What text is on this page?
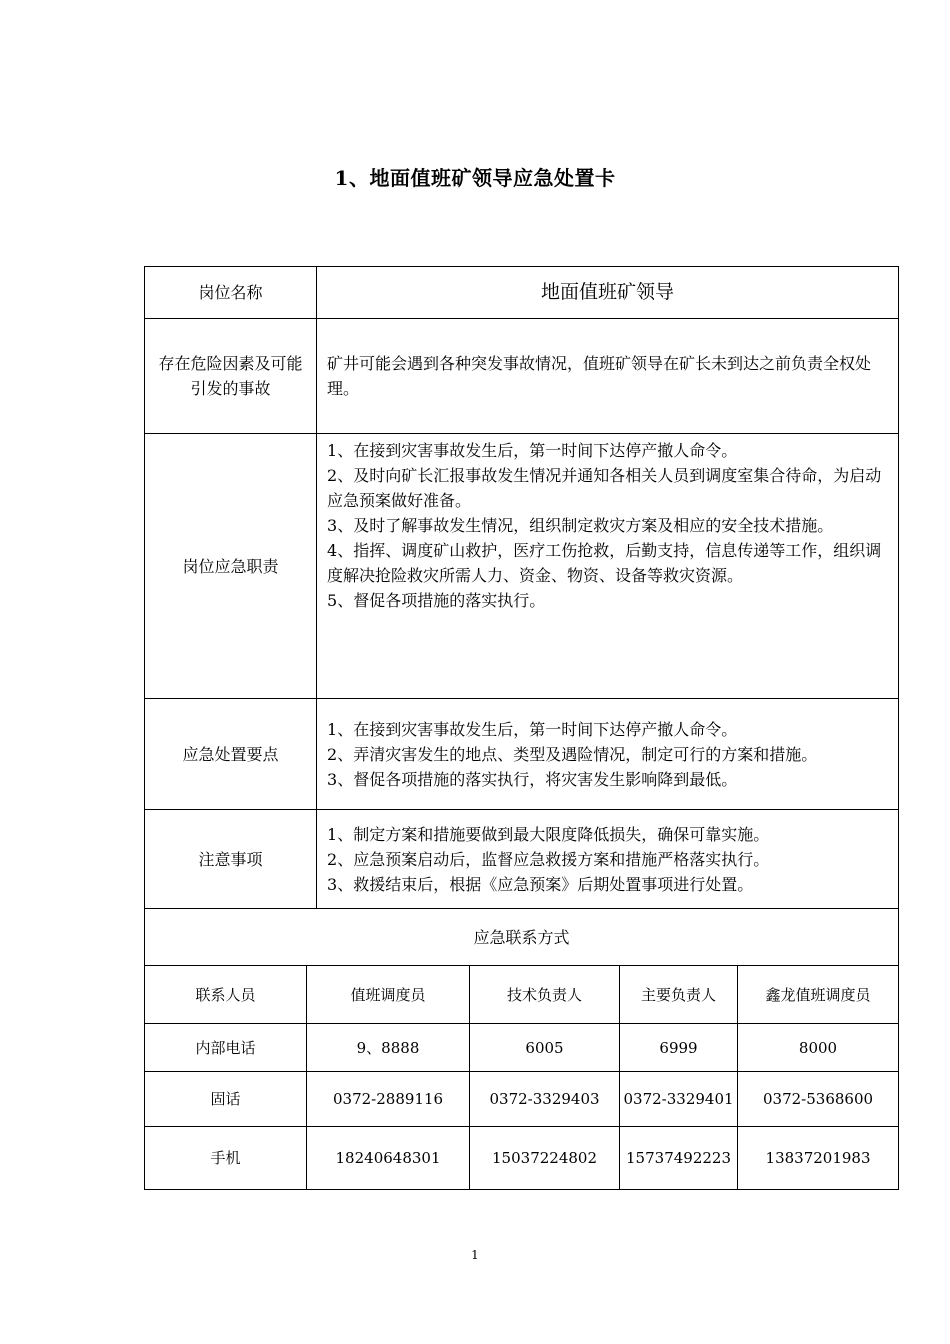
1、地面值班矿领导应急处置卡
岗位名称		地面值班矿领导			
存在危险因素及可能引发的事故		矿井可能会遇到各种突发事故情况，值班矿领导在矿长未到达之前负责全权处理。			
岗位应急职责		1、在接到灾害事故发生后，第一时间下达停产撤人命令。
2、及时向矿长汇报事故发生情况并通知各相关人员到调度室集合待命，为启动应急预案做好准备。
3、及时了解事故发生情况，组织制定救灾方案及相应的安全技术措施。
4、指挥、调度矿山救护，医疗工伤抢救，后勤支持，信息传递等工作，组织调度解决抢险救灾所需人力、资金、物资、设备等救灾资源。
5、督促各项措施的落实执行。			

应急处置要点		1、在接到灾害事故发生后，第一时间下达停产撤人命令。
2、弄清灾害发生的地点、类型及遇险情况，制定可行的方案和措施。
3、督促各项措施的落实执行，将灾害发生影响降到最低。			

注意事项		1、制定方案和措施要做到最大限度降低损失，确保可靠实施。
2、应急预案启动后，监督应急救援方案和措施严格落实执行。
3、救援结束后，根据《应急预案》后期处置事项进行处置。			

应急联系方式					
联系人员	值班调度员		技术负责人	主要负责人	鑫龙值班调度员
内部电话	9、8888		6005	6999	8000
固话	0372-2889116		0372-3329403	0372-3329401	0372-5368600
手机	18240648301		15037224802	15737492223	13837201983
1
